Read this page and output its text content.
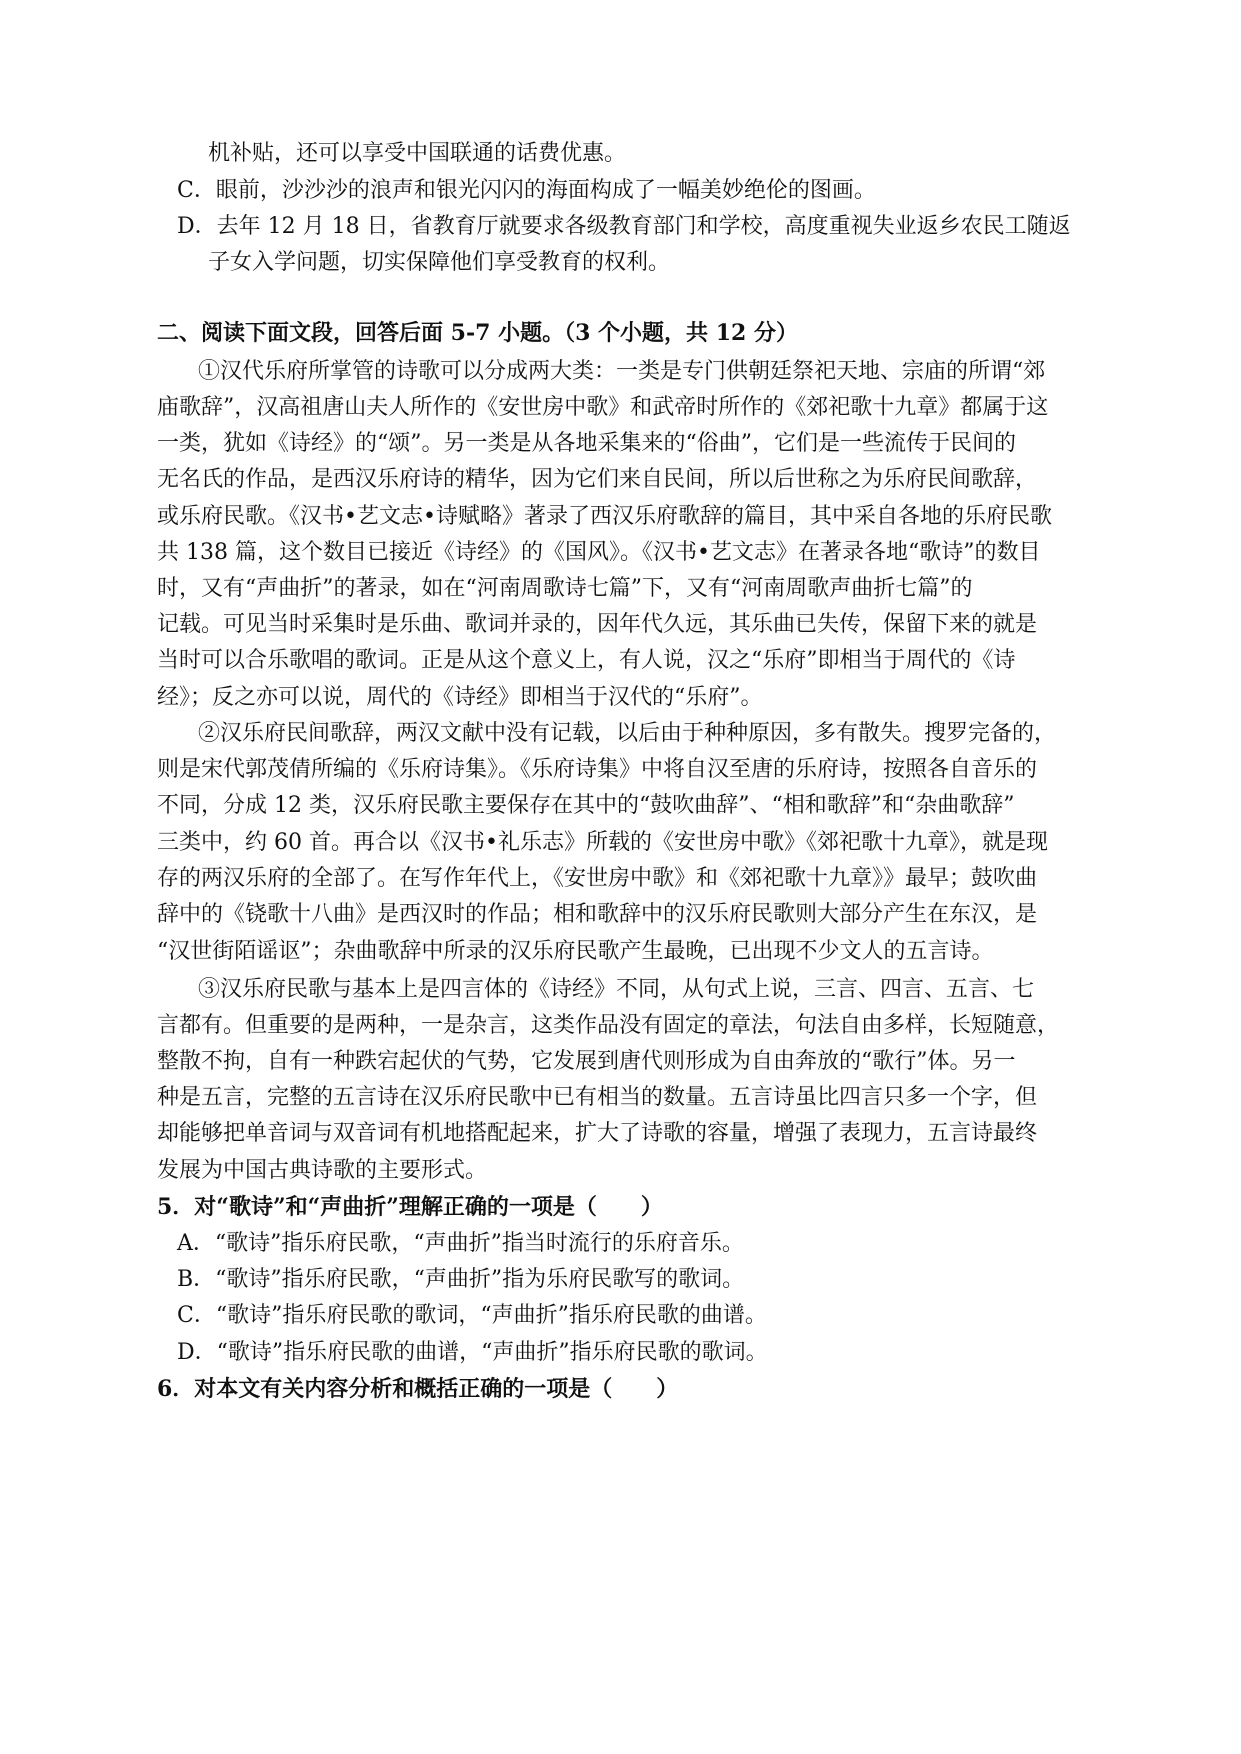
机补贴，还可以享受中国联通的话费优惠。
C．眼前，沙沙沙的浪声和银光闪闪的海面构成了一幅美妙绝伦的图画。
D．去年 12 月 18 日，省教育厅就要求各级教育部门和学校，高度重视失业返乡农民工随返
子女入学问题，切实保障他们享受教育的权利。
二、阅读下面文段，回答后面 5-7 小题。（3 个小题，共 12 分）
①汉代乐府所掌管的诗歌可以分成两大类：一类是专门供朝廷祭祀天地、宗庙的所谓“郊
庙歌辞”，汉高祖唐山夫人所作的《安世房中歌》和武帝时所作的《郊祀歌十九章》都属于这
一类，犹如《诗经》的“颂”。另一类是从各地采集来的“俗曲”，它们是一些流传于民间的
无名氏的作品，是西汉乐府诗的精华，因为它们来自民间，所以后世称之为乐府民间歌辞，
或乐府民歌。《汉书•艺文志•诗赋略》著录了西汉乐府歌辞的篇目，其中采自各地的乐府民歌
共 138 篇，这个数目已接近《诗经》的《国风》。《汉书•艺文志》在著录各地“歌诗”的数目
时，又有“声曲折”的著录，如在“河南周歌诗七篇”下，又有“河南周歌声曲折七篇”的
记载。可见当时采集时是乐曲、歌词并录的，因年代久远，其乐曲已失传，保留下来的就是
当时可以合乐歌唱的歌词。正是从这个意义上，有人说，汉之“乐府”即相当于周代的《诗
经》；反之亦可以说，周代的《诗经》即相当于汉代的“乐府”。
②汉乐府民间歌辞，两汉文献中没有记载，以后由于种种原因，多有散失。搜罗完备的，
则是宋代郭茂倩所编的《乐府诗集》。《乐府诗集》中将自汉至唐的乐府诗，按照各自音乐的
不同，分成 12 类，汉乐府民歌主要保存在其中的“鼓吹曲辞”、“相和歌辞”和“杂曲歌辞”
三类中，约 60 首。再合以《汉书•礼乐志》所载的《安世房中歌》《郊祀歌十九章》，就是现
存的两汉乐府的全部了。在写作年代上，《安世房中歌》和《郊祀歌十九章》》最早；鼓吹曲
辞中的《铙歌十八曲》是西汉时的作品；相和歌辞中的汉乐府民歌则大部分产生在东汉，是
“汉世街陌谣讴”；杂曲歌辞中所录的汉乐府民歌产生最晚，已出现不少文人的五言诗。
③汉乐府民歌与基本上是四言体的《诗经》不同，从句式上说，三言、四言、五言、七
言都有。但重要的是两种，一是杂言，这类作品没有固定的章法，句法自由多样，长短随意，
整散不拘，自有一种跌宕起伏的气势，它发展到唐代则形成为自由奔放的“歌行”体。另一
种是五言，完整的五言诗在汉乐府民歌中已有相当的数量。五言诗虽比四言只多一个字，但
却能够把单音词与双音词有机地搭配起来，扩大了诗歌的容量，增强了表现力，五言诗最终
发展为中国古典诗歌的主要形式。
5．对“歌诗”和“声曲折”理解正确的一项是（　　）
A．“歌诗”指乐府民歌，“声曲折”指当时流行的乐府音乐。
B．“歌诗”指乐府民歌，“声曲折”指为乐府民歌写的歌词。
C．“歌诗”指乐府民歌的歌词，“声曲折”指乐府民歌的曲谱。
D．“歌诗”指乐府民歌的曲谱，“声曲折”指乐府民歌的歌词。
6．对本文有关内容分析和概括正确的一项是（　　）
